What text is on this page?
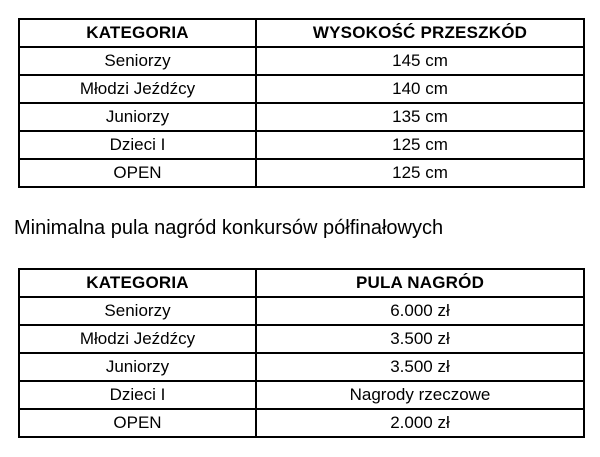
KATEGORIA	WYSOKOŚĆ PRZESZKÓD
Seniorzy	145 cm
Młodzi Jeźdźcy	140 cm
Juniorzy	135 cm
Dzieci I	125 cm
OPEN	125 cm
Minimalna pula nagród konkursów półfinałowych
KATEGORIA	PULA NAGRÓD
Seniorzy	6.000 zł
Młodzi Jeźdźcy	3.500 zł
Juniorzy	3.500 zł
Dzieci I	Nagrody rzeczowe
OPEN	2.000 zł
